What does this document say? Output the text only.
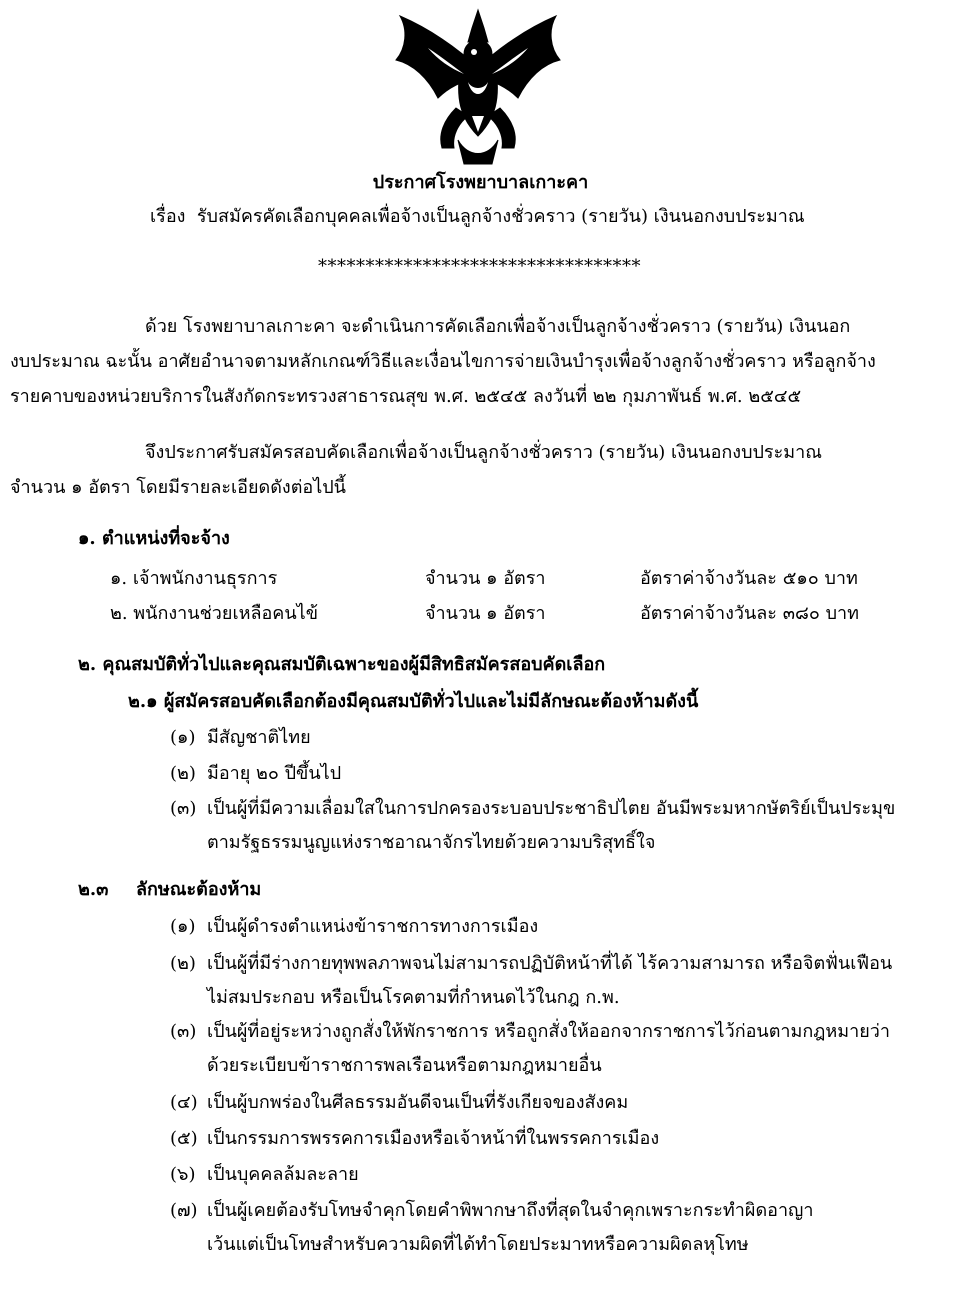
ประกาศโรงพยาบาลเกาะคา
เรื่อง รับสมัครคัดเลือกบุคคลเพื่อจ้างเป็นลูกจ้างชั่วคราว (รายวัน) เงินนอกงบประมาณ
**********************************
ด้วย โรงพยาบาลเกาะคา จะดำเนินการคัดเลือกเพื่อจ้างเป็นลูกจ้างชั่วคราว (รายวัน) เงินนอก
งบประมาณ ฉะนั้น อาศัยอำนาจตามหลักเกณฑ์วิธีและเงื่อนไขการจ่ายเงินบำรุงเพื่อจ้างลูกจ้างชั่วคราว หรือลูกจ้าง
รายคาบของหน่วยบริการในสังกัดกระทรวงสาธารณสุข พ.ศ. ๒๕๔๕ ลงวันที่ ๒๒ กุมภาพันธ์ พ.ศ. ๒๕๔๕
จึงประกาศรับสมัครสอบคัดเลือกเพื่อจ้างเป็นลูกจ้างชั่วคราว (รายวัน) เงินนอกงบประมาณ
จำนวน ๑ อัตรา โดยมีรายละเอียดดังต่อไปนี้
๑. ตำแหน่งที่จะจ้าง
๑. เจ้าพนักงานธุรการ	จำนวน ๑ อัตรา	อัตราค่าจ้างวันละ ๕๑๐ บาท
๒. พนักงานช่วยเหลือคนไข้	จำนวน ๑ อัตรา	อัตราค่าจ้างวันละ ๓๘๐ บาท
๒. คุณสมบัติทั่วไปและคุณสมบัติเฉพาะของผู้มีสิทธิสมัครสอบคัดเลือก
๒.๑ ผู้สมัครสอบคัดเลือกต้องมีคุณสมบัติทั่วไปและไม่มีลักษณะต้องห้ามดังนี้
(๑) มีสัญชาติไทย
(๒) มีอายุ ๒๐ ปีขึ้นไป
(๓) เป็นผู้ที่มีความเลื่อมใสในการปกครองระบอบประชาธิปไตย อันมีพระมหากษัตริย์เป็นประมุข
ตามรัฐธรรมนูญแห่งราชอาณาจักรไทยด้วยความบริสุทธิ์ใจ
๒.๓ ลักษณะต้องห้าม
(๑) เป็นผู้ดำรงตำแหน่งข้าราชการทางการเมือง
(๒) เป็นผู้ที่มีร่างกายทุพพลภาพจนไม่สามารถปฏิบัติหน้าที่ได้ ไร้ความสามารถ หรือจิตฟั่นเฟือน
ไม่สมประกอบ หรือเป็นโรคตามที่กำหนดไว้ในกฎ ก.พ.
(๓) เป็นผู้ที่อยู่ระหว่างถูกสั่งให้พักราชการ หรือถูกสั่งให้ออกจากราชการไว้ก่อนตามกฎหมายว่า
ด้วยระเบียบข้าราชการพลเรือนหรือตามกฎหมายอื่น
(๔) เป็นผู้บกพร่องในศีลธรรมอันดีจนเป็นที่รังเกียจของสังคม
(๕) เป็นกรรมการพรรคการเมืองหรือเจ้าหน้าที่ในพรรคการเมือง
(๖) เป็นบุคคลล้มละลาย
(๗) เป็นผู้เคยต้องรับโทษจำคุกโดยคำพิพากษาถึงที่สุดในจำคุกเพราะกระทำผิดอาญา
เว้นแต่เป็นโทษสำหรับความผิดที่ได้ทำโดยประมาทหรือความผิดลหุโทษ
